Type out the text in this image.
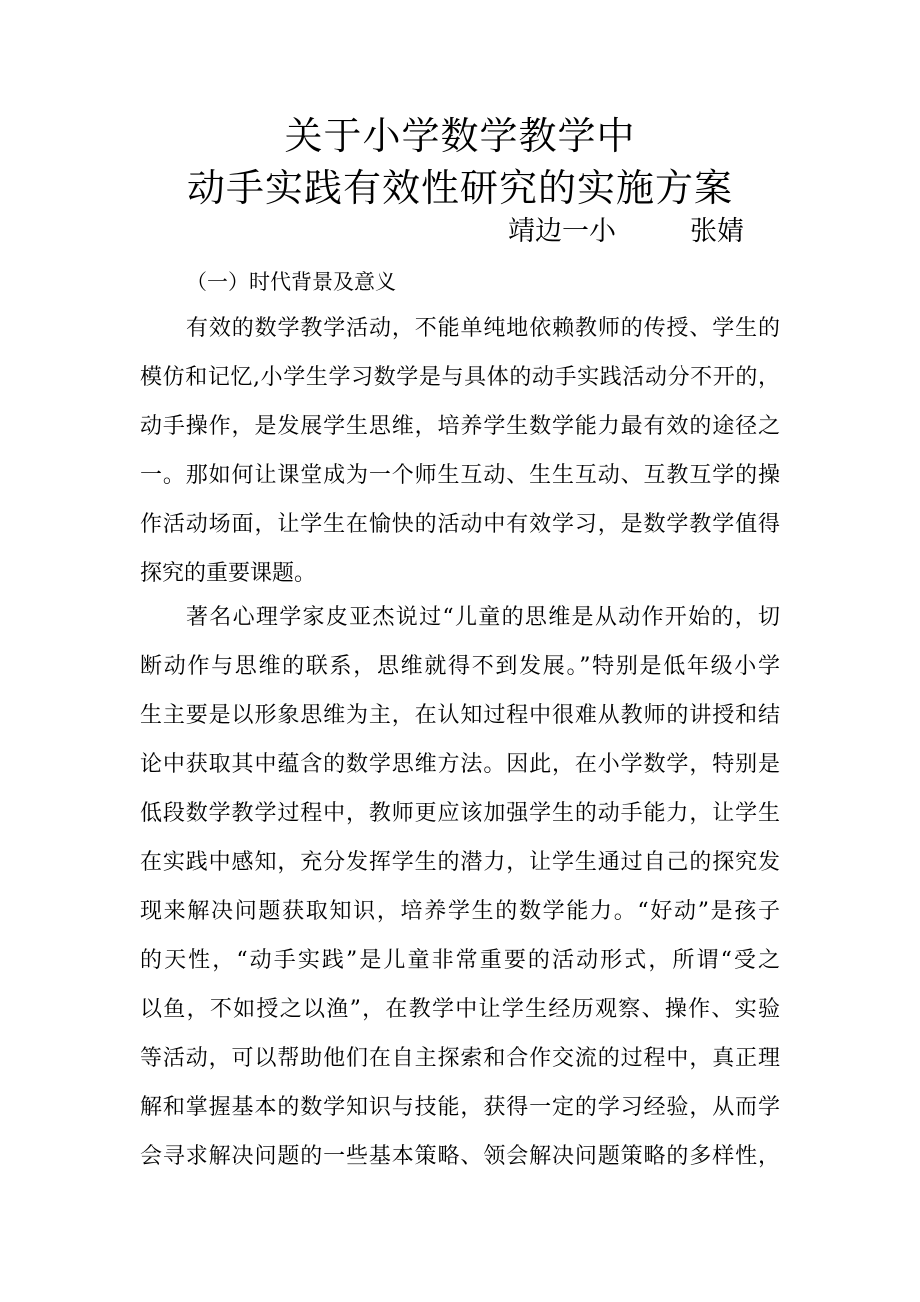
关于小学数学教学中
动手实践有效性研究的实施方案
靖边一小	张婧
（一）时代背景及意义
有效的数学教学活动，不能单纯地依赖教师的传授、学生的
模仿和记忆,小学生学习数学是与具体的动手实践活动分不开的，
动手操作，是发展学生思维，培养学生数学能力最有效的途径之
一。那如何让课堂成为一个师生互动、生生互动、互教互学的操
作活动场面，让学生在愉快的活动中有效学习，是数学教学值得
探究的重要课题。
著名心理学家皮亚杰说过“儿童的思维是从动作开始的，切
断动作与思维的联系，思维就得不到发展。”特别是低年级小学
生主要是以形象思维为主，在认知过程中很难从教师的讲授和结
论中获取其中蕴含的数学思维方法。因此，在小学数学，特别是
低段数学教学过程中，教师更应该加强学生的动手能力，让学生
在实践中感知，充分发挥学生的潜力，让学生通过自己的探究发
现来解决问题获取知识，培养学生的数学能力。“好动”是孩子
的天性，“动手实践”是儿童非常重要的活动形式，所谓“受之
以鱼，不如授之以渔”，在教学中让学生经历观察、操作、实验
等活动，可以帮助他们在自主探索和合作交流的过程中，真正理
解和掌握基本的数学知识与技能，获得一定的学习经验，从而学
会寻求解决问题的一些基本策略、领会解决问题策略的多样性，
